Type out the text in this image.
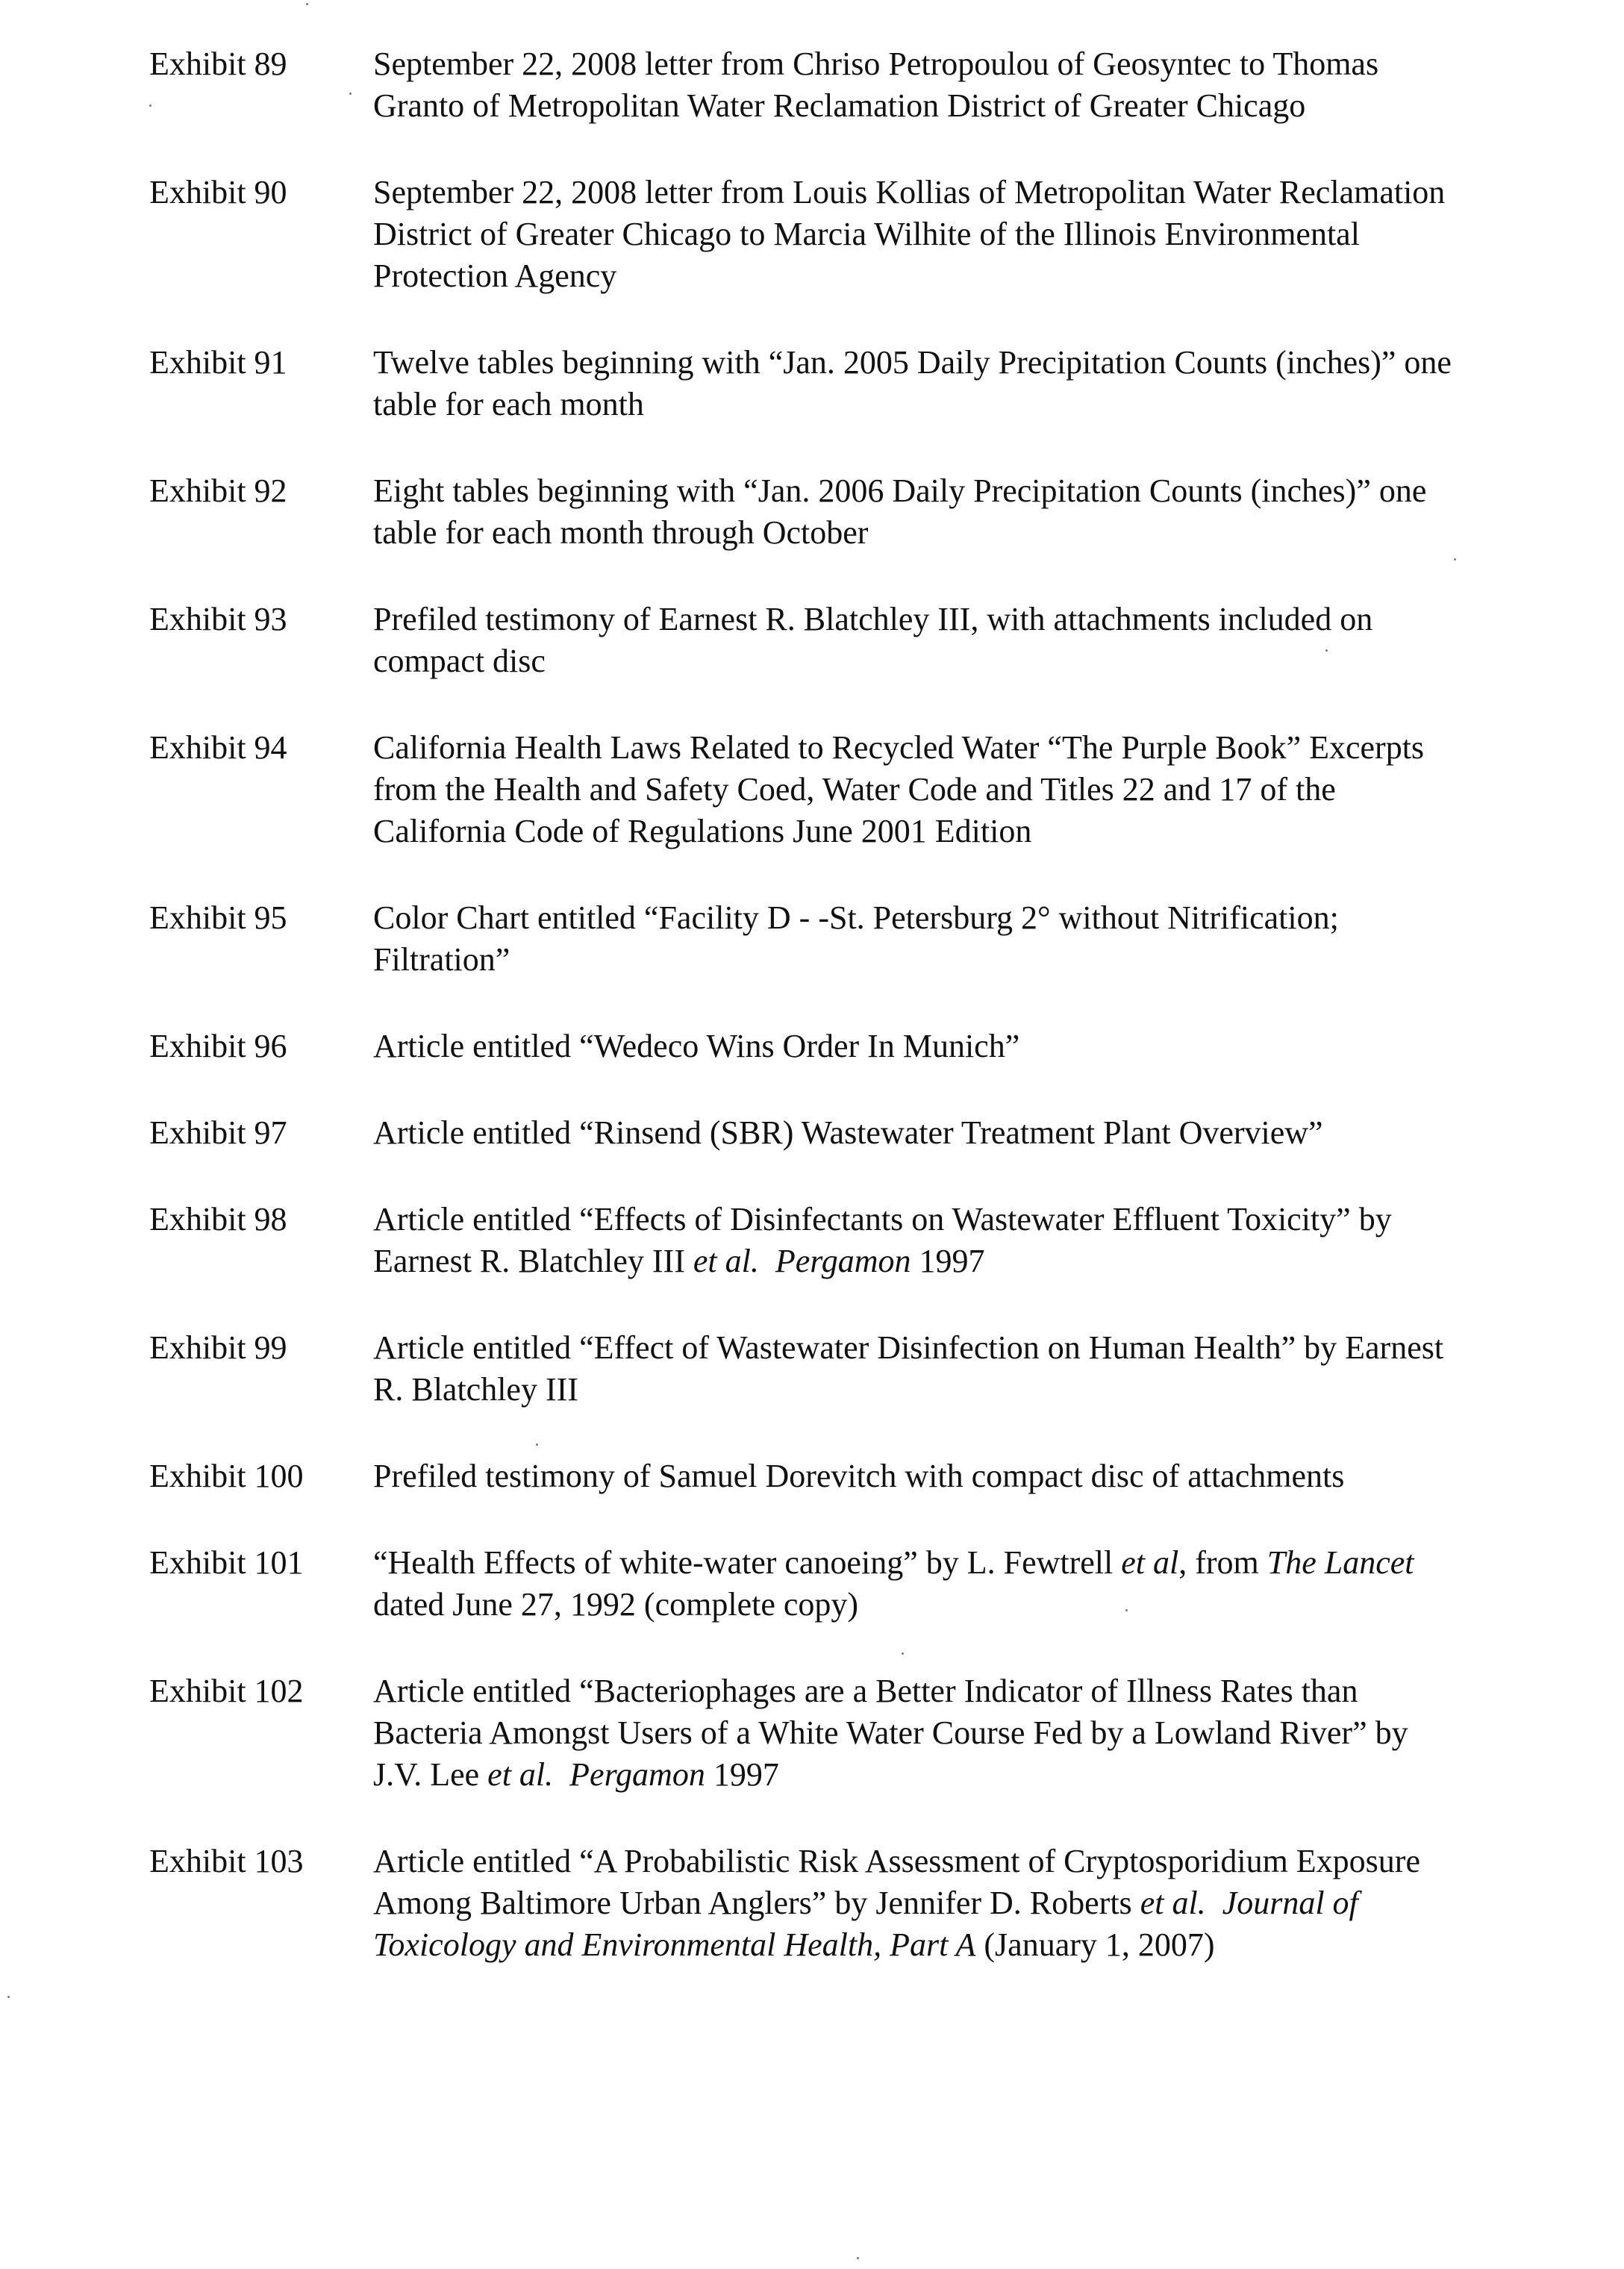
Exhibit 89	September 22, 2008 letter from Chriso Petropoulou of Geosyntec to Thomas
Granto of Metropolitan Water Reclamation District of Greater Chicago
Exhibit 90	September 22, 2008 letter from Louis Kollias of Metropolitan Water Reclamation
District of Greater Chicago to Marcia Wilhite of the Illinois Environmental
Protection Agency
Exhibit 91	Twelve tables beginning with “Jan. 2005 Daily Precipitation Counts (inches)” one
table for each month
Exhibit 92	Eight tables beginning with “Jan. 2006 Daily Precipitation Counts (inches)” one
table for each month through October
Exhibit 93	Prefiled testimony of Earnest R. Blatchley III, with attachments included on
compact disc
Exhibit 94	California Health Laws Related to Recycled Water “The Purple Book” Excerpts
from the Health and Safety Coed, Water Code and Titles 22 and 17 of the
California Code of Regulations June 2001 Edition
Exhibit 95	Color Chart entitled “Facility D - -St. Petersburg 2° without Nitrification;
Filtration”
Exhibit 96	Article entitled “Wedeco Wins Order In Munich”
Exhibit 97	Article entitled “Rinsend (SBR) Wastewater Treatment Plant Overview”
Exhibit 98	Article entitled “Effects of Disinfectants on Wastewater Effluent Toxicity” by
Earnest R. Blatchley III et al. Pergamon 1997
Exhibit 99	Article entitled “Effect of Wastewater Disinfection on Human Health” by Earnest
R. Blatchley III
Exhibit 100	Prefiled testimony of Samuel Dorevitch with compact disc of attachments
Exhibit 101	“Health Effects of white-water canoeing” by L. Fewtrell et al, from The Lancet
dated June 27, 1992 (complete copy)
Exhibit 102	Article entitled “Bacteriophages are a Better Indicator of Illness Rates than
Bacteria Amongst Users of a White Water Course Fed by a Lowland River” by
J.V. Lee et al. Pergamon 1997
Exhibit 103	Article entitled “A Probabilistic Risk Assessment of Cryptosporidium Exposure
Among Baltimore Urban Anglers” by Jennifer D. Roberts et al. Journal of
Toxicology and Environmental Health, Part A (January 1, 2007)
